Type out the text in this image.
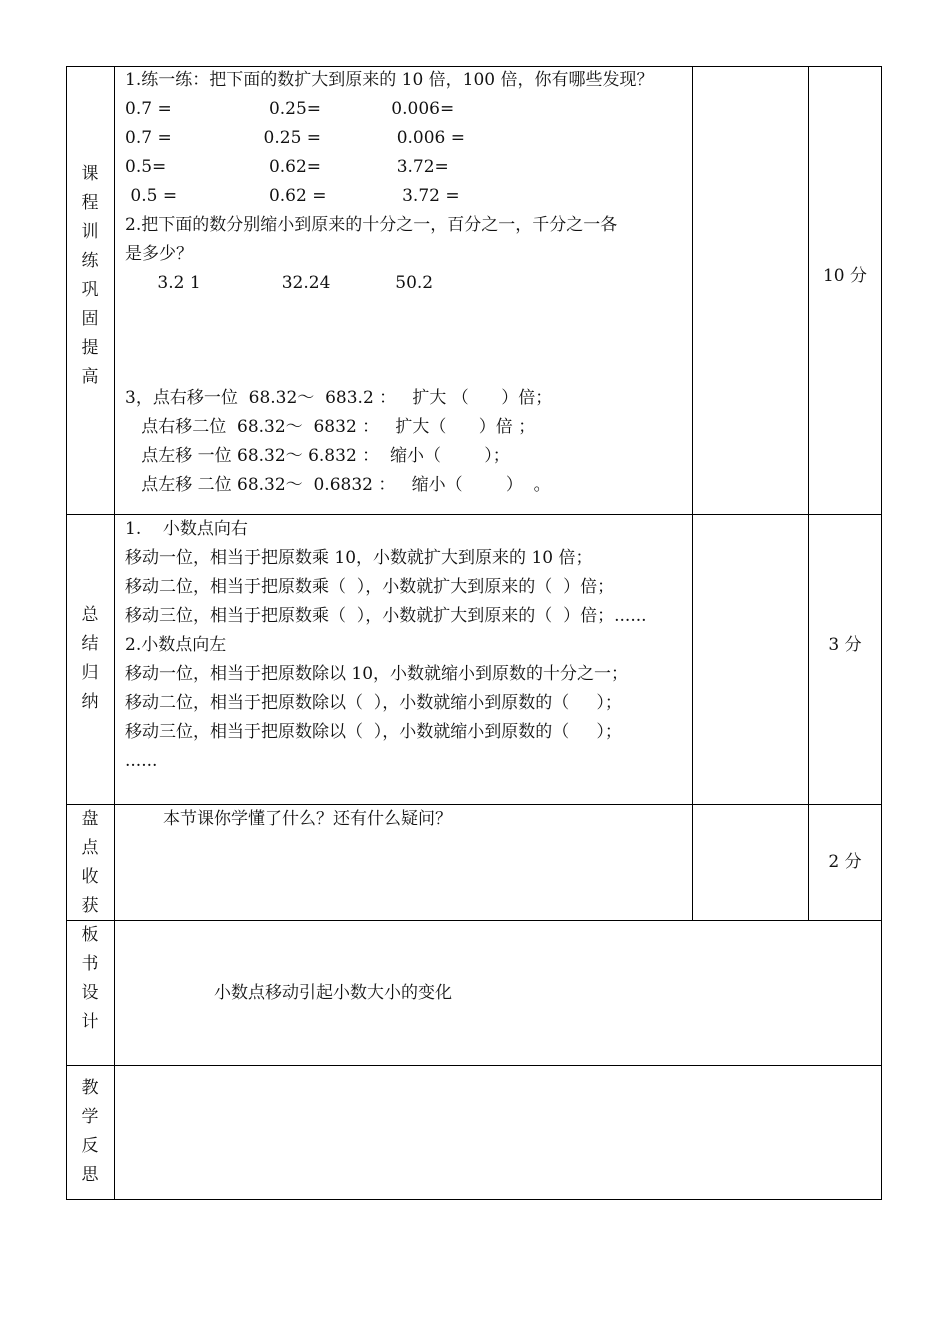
课
程
训
练
巩
固
提
高
1.练一练：把下面的数扩大到原来的 10 倍，100 倍，你有哪些发现？
0.7 =                  0.25=             0.006=
0.7 =                 0.25 =              0.006 =
0.5=                   0.62=              3.72=
0.5 =                 0.62 =              3.72 =
2.把下面的数分别缩小到原来的十分之一，百分之一，千分之一各
是多少？
3.2 1               32.24            50.2
3，点右移一位  68.32～  683.2 ：   扩大 （      ）倍；
点右移二位  68.32～  6832 ：   扩大（      ）倍 ；
点左移 一位 68.32～ 6.832 ：  缩小（        ）；
点左移 二位 68.32～  0.6832 ：   缩小（        ）  。
10 分
总
结
归
纳
1.    小数点向右
移动一位，相当于把原数乘 10，小数就扩大到原来的 10 倍；
移动二位，相当于把原数乘（  ），小数就扩大到原来的（  ）倍；
移动三位，相当于把原数乘（  ），小数就扩大到原来的（  ）倍；......
2.小数点向左
移动一位，相当于把原数除以 10，小数就缩小到原数的十分之一；
移动二位，相当于把原数除以（  ），小数就缩小到原数的（     ）；
移动三位，相当于把原数除以（  ），小数就缩小到原数的（     ）；
......
3 分
盘
点
收
获
本节课你学懂了什么？还有什么疑问？
2 分
板
书
设
计
小数点移动引起小数大小的变化
教
学
反
思
